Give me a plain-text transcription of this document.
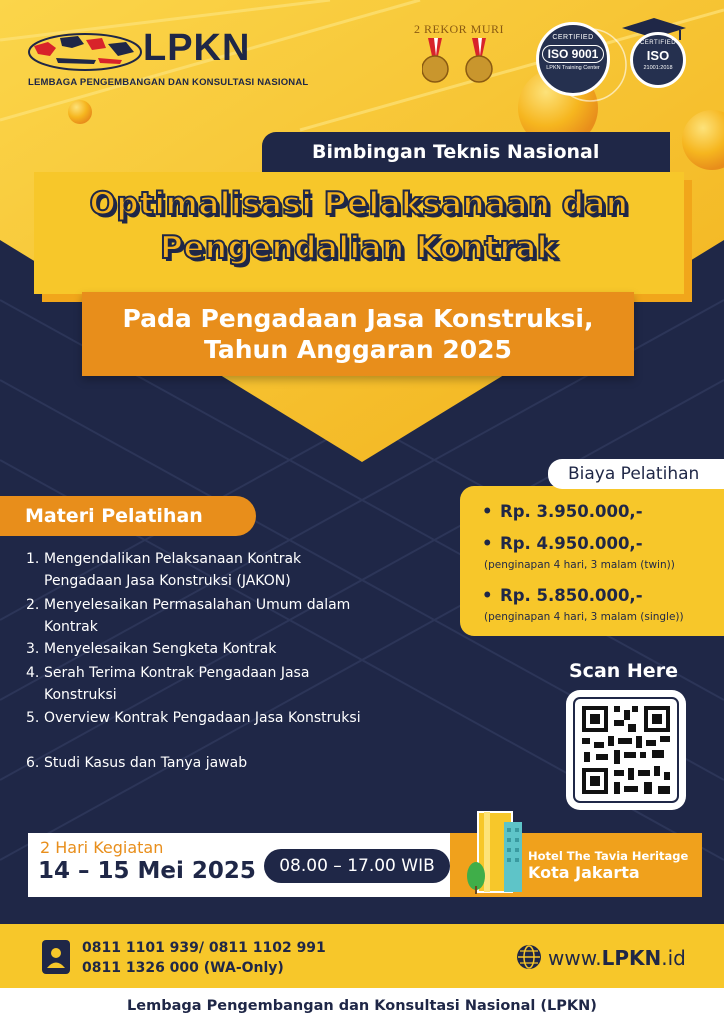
LPKN
LEMBAGA PENGEMBANGAN DAN KONSULTASI NASIONAL
2 REKOR MURI
CERTIFIED
ISO 9001
LPKN Training Center
CERTIFIED
ISO
21001:2018
Bimbingan Teknis Nasional
Optimalisasi Pelaksanaan dan
Pengendalian Kontrak
Pada Pengadaan Jasa Konstruksi,
Tahun Anggaran 2025
• Rp. 3.950.000,-
• Rp. 4.950.000,-
(penginapan 4 hari, 3 malam (twin))
• Rp. 5.850.000,-
(penginapan 4 hari, 3 malam (single))
Biaya Pelatihan
Materi Pelatihan
1. Mengendalikan Pelaksanaan Kontrak Pengadaan Jasa Konstruksi (JAKON)
2. Menyelesaikan Permasalahan Umum dalam Kontrak
3. Menyelesaikan Sengketa Kontrak
4. Serah Terima Kontrak Pengadaan Jasa Konstruksi
5. Overview Kontrak Pengadaan Jasa Konstruksi
6. Studi Kasus dan Tanya jawab
Scan Here
2 Hari Kegiatan
14 – 15 Mei 2025	08.00 – 17.00 WIB	Hotel The Tavia Heritage
Kota Jakarta
0811 1101 939/ 0811 1102 991
0811 1326 000 (WA-Only)	www.LPKN.id
Lembaga Pengembangan dan Konsultasi Nasional (LPKN)
